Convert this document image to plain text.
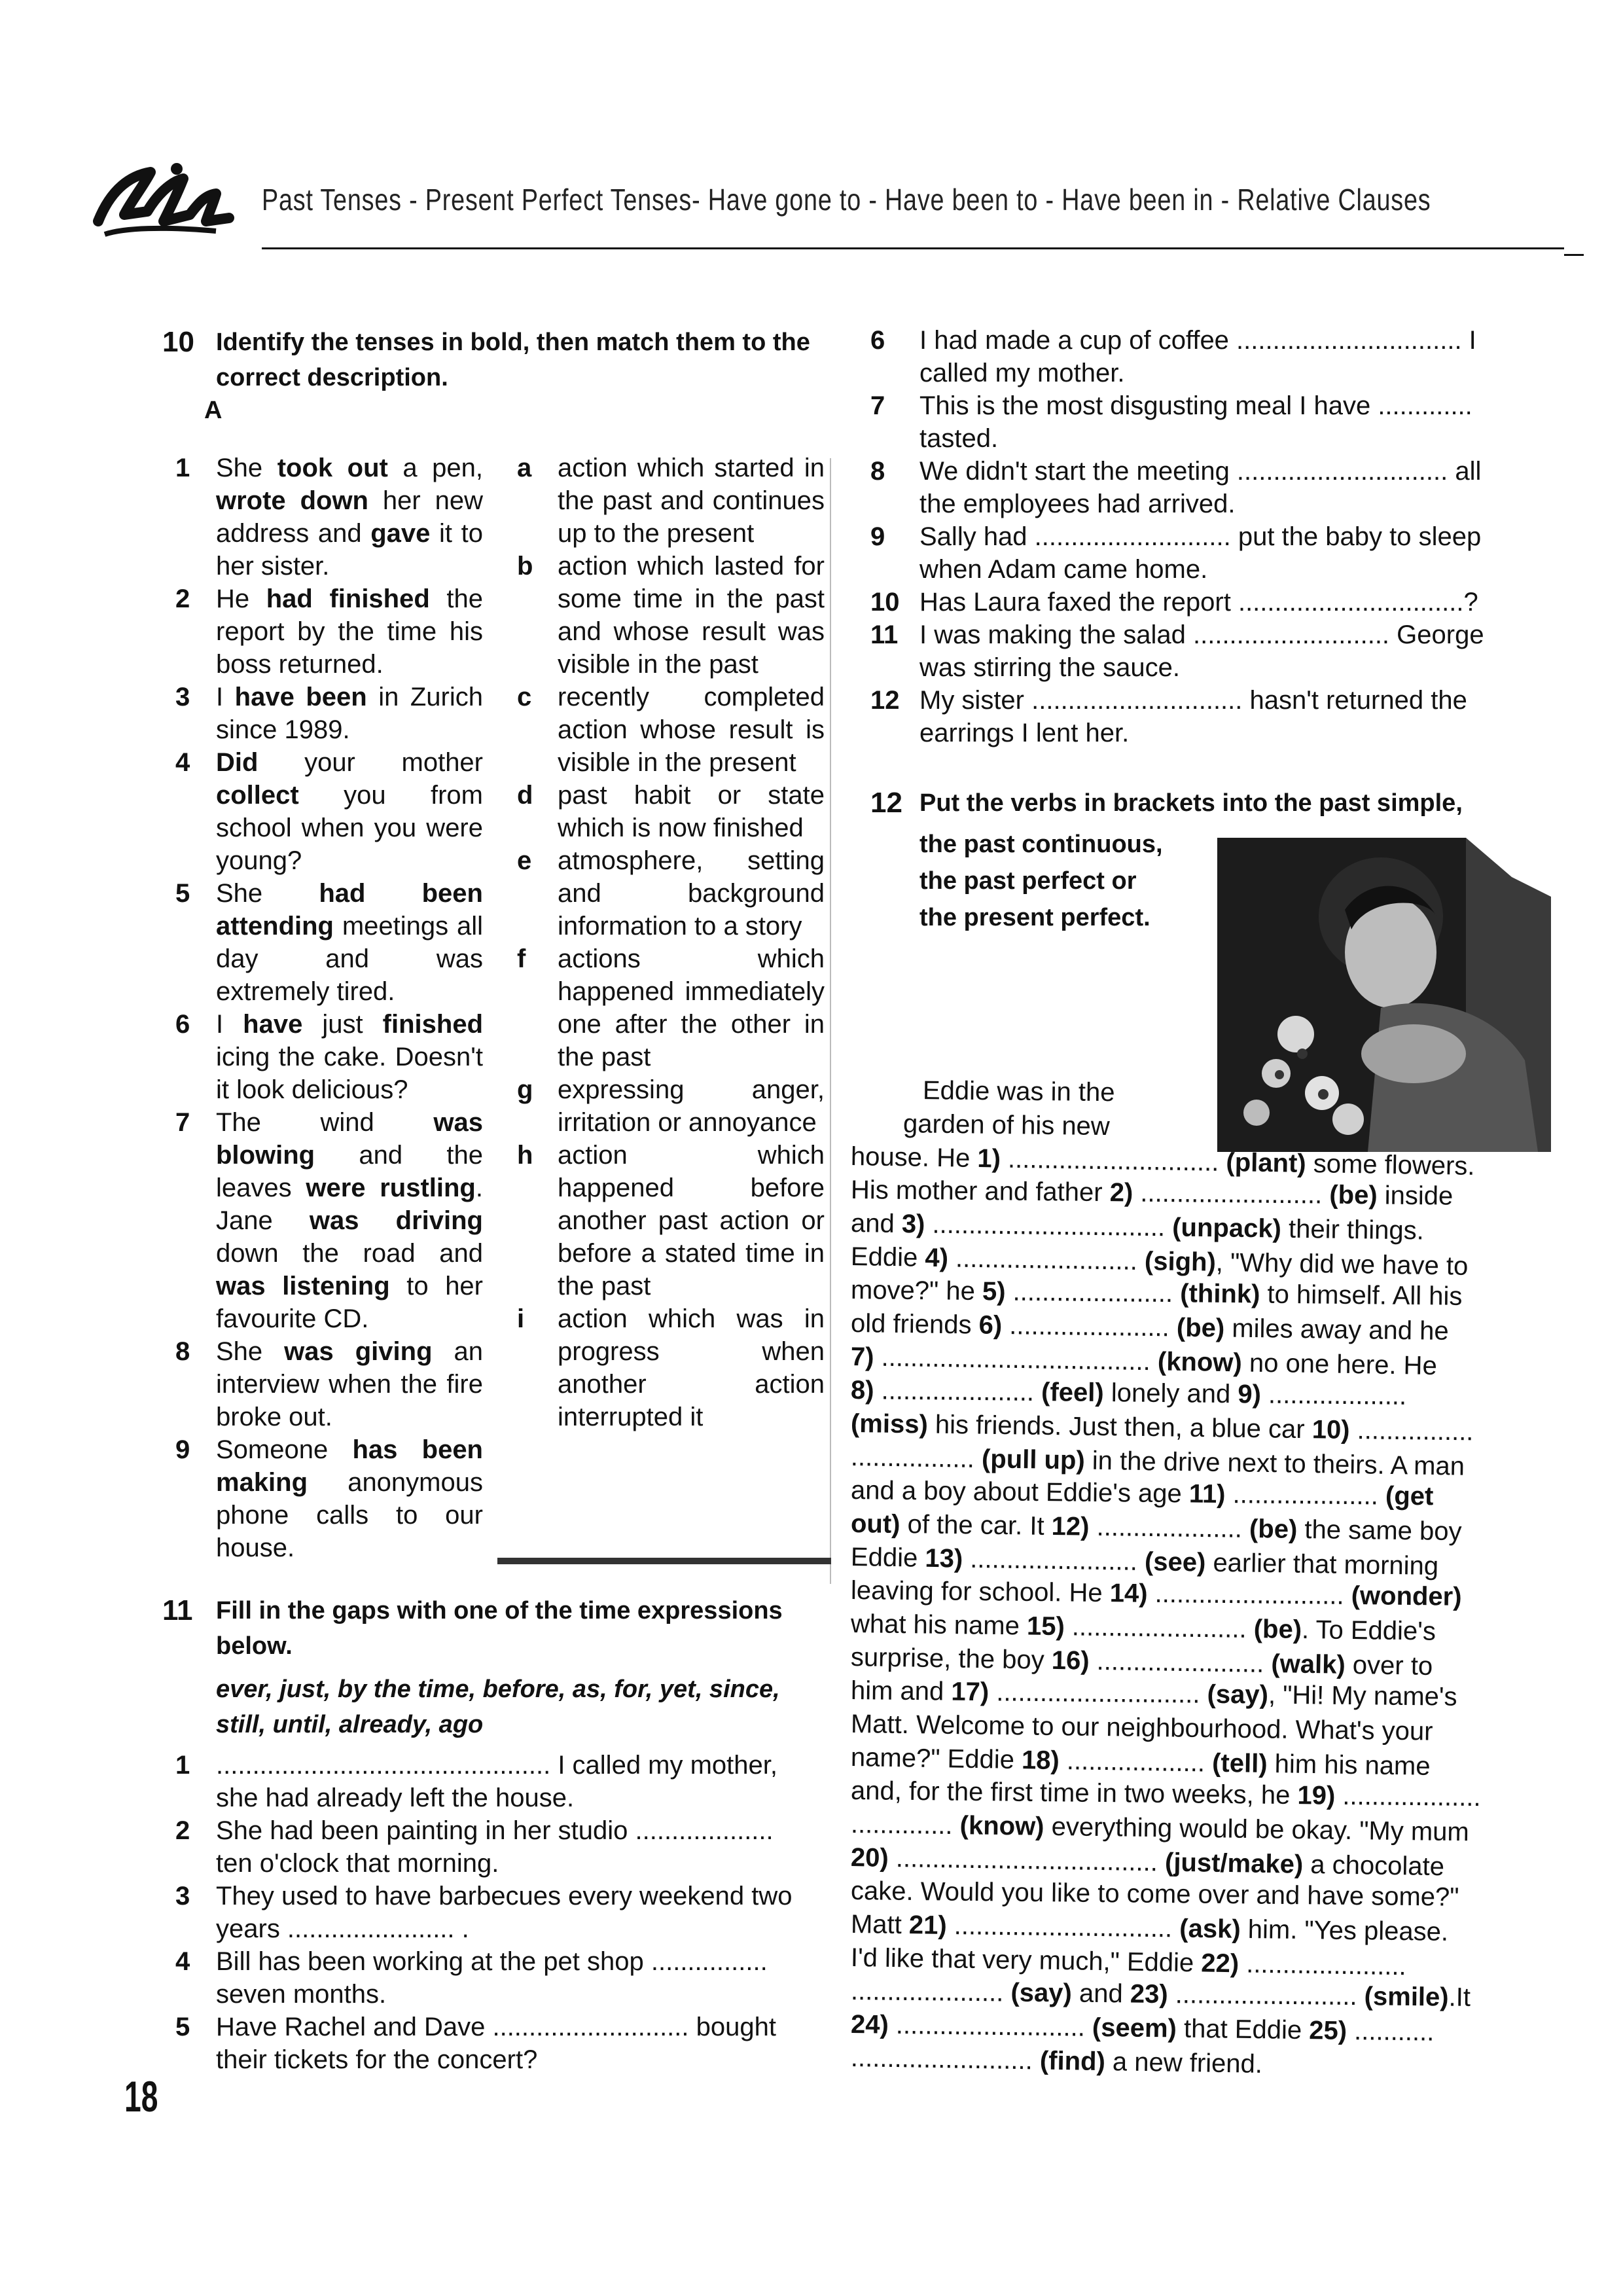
Past Tenses - Present Perfect Tenses- Have gone to - Have been to - Have been in - Relative Clauses
10 Identify the tenses in bold, then match them to the correct description.
A
1 She took out a pen, wrote down her new address and gave it to her sister.
2 He had finished the report by the time his boss returned.
3 I have been in Zurich since 1989.
4 Did your mother collect you from school when you were young?
5 She had been attending meetings all day and was extremely tired.
6 I have just finished icing the cake. Doesn't it look delicious?
7 The wind was blowing and the leaves were rustling. Jane was driving down the road and was listening to her favourite CD.
8 She was giving an interview when the fire broke out.
9 Someone has been making anonymous phone calls to our house.
a action which started in the past and continues up to the present
b action which lasted for some time in the past and whose result was visible in the past
c recently completed action whose result is visible in the present
d past habit or state which is now finished
e atmosphere, setting and background information to a story
f actions which happened immediately one after the other in the past
g expressing anger, irritation or annoyance
h action which happened before another past action or before a stated time in the past
i action which was in progress when another action interrupted it
11 Fill in the gaps with one of the time expressions below.
ever, just, by the time, before, as, for, yet, since, still, until, already, ago
1 .............................................. I called my mother,
she had already left the house.
2 She had been painting in her studio ...................
ten o'clock that morning.
3 They used to have barbecues every weekend two
years ....................... .
4 Bill has been working at the pet shop ................
seven months.
5 Have Rachel and Dave ........................... bought
their tickets for the concert?
6 I had made a cup of coffee ............................... I
called my mother.
7 This is the most disgusting meal I have .............
tasted.
8 We didn't start the meeting ............................. all
the employees had arrived.
9 Sally had ........................... put the baby to sleep
when Adam came home.
10 Has Laura faxed the report ...............................?
11 I was making the salad ........................... George
was stirring the sauce.
12 My sister ............................. hasn't returned the
earrings I lent her.
12 Put the verbs in brackets into the past simple,
the past continuous,
the past perfect or
the present perfect.
Eddie was in the
garden of his new
house. He 1) ............................. (plant) some flowers.
His mother and father 2) ......................... (be) inside
and 3) ................................ (unpack) their things.
Eddie 4) ......................... (sigh), "Why did we have to
move?" he 5) ...................... (think) to himself. All his
old friends 6) ...................... (be) miles away and he
7) ..................................... (know) no one here. He
8) ..................... (feel) lonely and 9) ...................
(miss) his friends. Just then, a blue car 10) ................
................. (pull up) in the drive next to theirs. A man
and a boy about Eddie's age 11) .................... (get
out) of the car. It 12) .................... (be) the same boy
Eddie 13) ....................... (see) earlier that morning
leaving for school. He 14) .......................... (wonder)
what his name 15) ........................ (be). To Eddie's
surprise, the boy 16) ....................... (walk) over to
him and 17) ............................ (say), "Hi! My name's
Matt. Welcome to our neighbourhood. What's your
name?" Eddie 18) ................... (tell) him his name
and, for the first time in two weeks, he 19) ...................
.............. (know) everything would be okay. "My mum
20) .................................... (just/make) a chocolate
cake. Would you like to come over and have some?"
Matt 21) .............................. (ask) him. "Yes please.
I'd like that very much," Eddie 22) ......................
..................... (say) and 23) ......................... (smile).It
24) .......................... (seem) that Eddie 25) ...........
......................... (find) a new friend.
18
